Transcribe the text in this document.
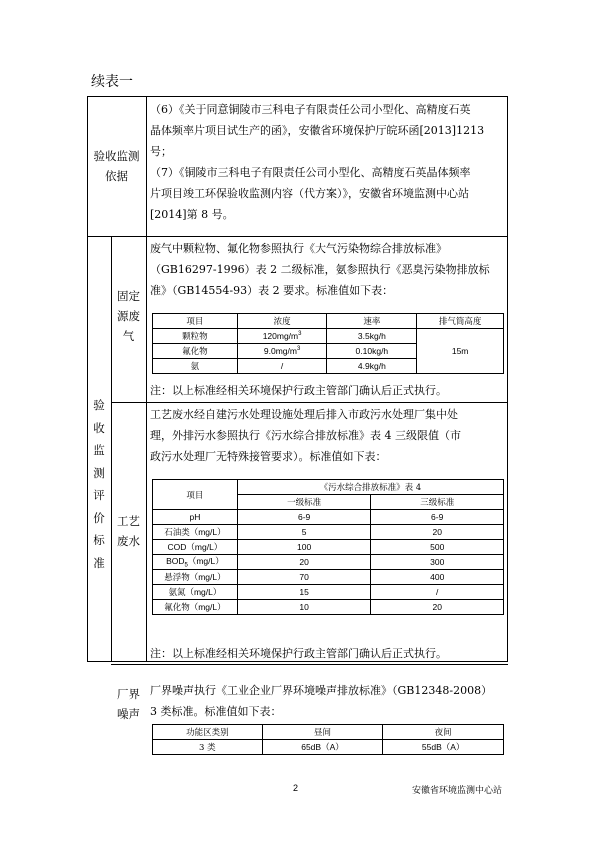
续表一
验收监测
依据
（6）《关于同意铜陵市三科电子有限责任公司小型化、高精度石英
晶体频率片项目试生产的函》，安徽省环境保护厅皖环函[2013]1213
号；
（7）《铜陵市三科电子有限责任公司小型化、高精度石英晶体频率
片项目竣工环保验收监测内容（代方案）》，安徽省环境监测中心站
[2014]第 8 号。
验
收
监
测
评
价
标
准
固定
源废
气
废气中颗粒物、氟化物参照执行《大气污染物综合排放标准》
（GB16297-1996）表 2 二级标准，氨参照执行《恶臭污染物排放标
准》（GB14554-93）表 2 要求。标准值如下表：
项目	浓度	速率	排气筒高度
颗粒物	$120mg/m^3$	3.5kg/h	15m
氟化物	$9.0mg/m^3$	0.10kg/h	
氨	/	4.9kg/h	
注：以上标准经相关环境保护行政主管部门确认后正式执行。
工艺
废水
工艺废水经自建污水处理设施处理后排入市政污水处理厂集中处
理，外排污水参照执行《污水综合排放标准》表 4 三级限值（市
政污水处理厂无特殊接管要求）。标准值如下表：
项目	《污水综合排放标准》表 4	
	一级标准	三级标准
pH	6-9	6-9
石油类（mg/L）	5	20
COD（mg/L）	100	500
$BOD_5(mg/L)$	20	300
悬浮物（mg/L）	70	400
氨氮（mg/L）	15	/
氟化物（mg/L）	10	20
注：以上标准经相关环境保护行政主管部门确认后正式执行。
厂界
噪声
厂界噪声执行《工业企业厂界环境噪声排放标准》（GB12348-2008）
3 类标准。标准值如下表：
功能区类别	昼间	夜间
3 类	65dB（A）	55dB（A）
2	安徽省环境监测中心站
